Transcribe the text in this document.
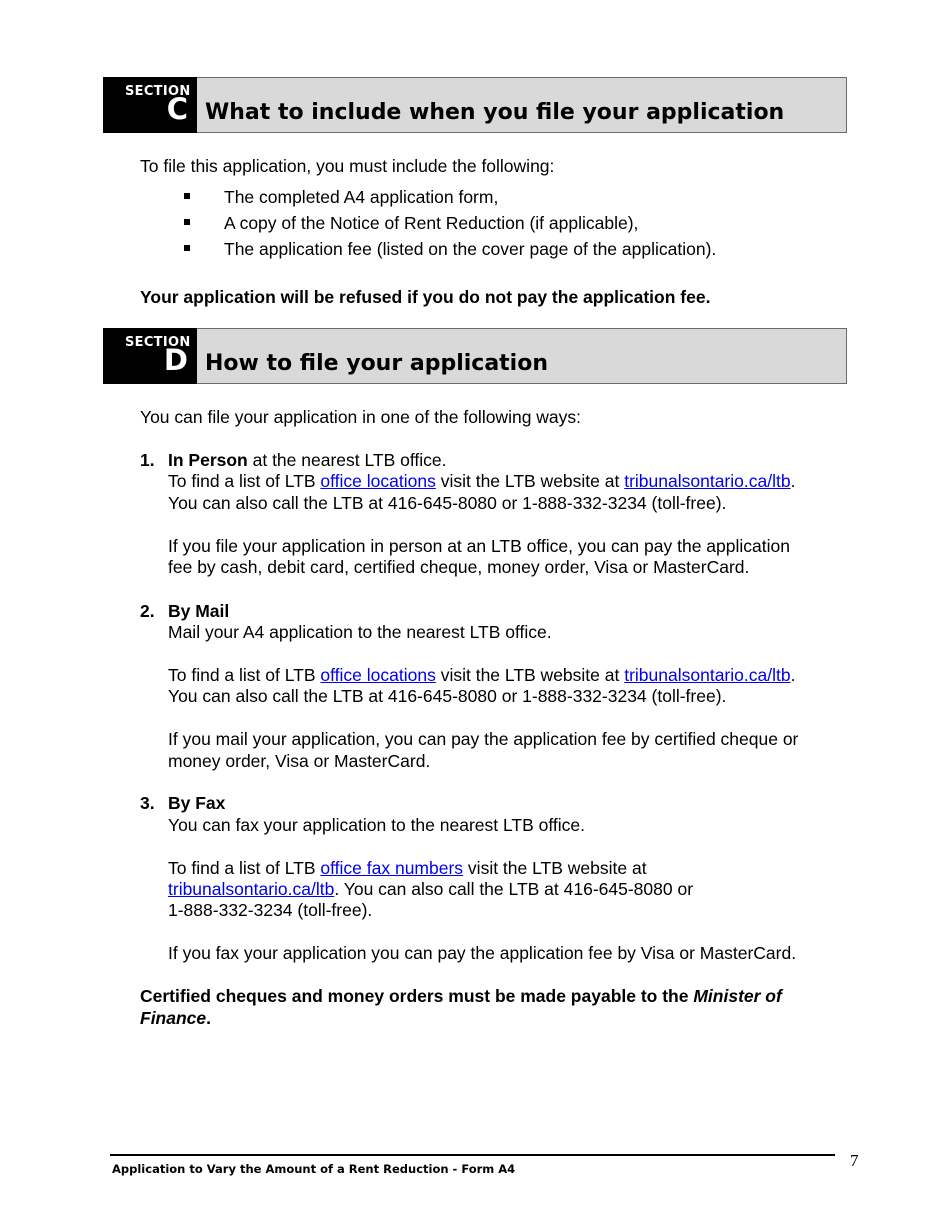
SECTION
C What to include when you file your application
To file this application, you must include the following:
The completed A4 application form,
A copy of the Notice of Rent Reduction (if applicable),
The application fee (listed on the cover page of the application).
Your application will be refused if you do not pay the application fee.
SECTION
D How to file your application
You can file your application in one of the following ways:
1. In Person at the nearest LTB office.
To find a list of LTB office locations visit the LTB website at tribunalsontario.ca/ltb.
You can also call the LTB at 416-645-8080 or 1-888-332-3234 (toll-free).
If you file your application in person at an LTB office, you can pay the application
fee by cash, debit card, certified cheque, money order, Visa or MasterCard.
2. By Mail
Mail your A4 application to the nearest LTB office.
To find a list of LTB office locations visit the LTB website at tribunalsontario.ca/ltb.
You can also call the LTB at 416-645-8080 or 1-888-332-3234 (toll-free).
If you mail your application, you can pay the application fee by certified cheque or
money order, Visa or MasterCard.
3. By Fax
You can fax your application to the nearest LTB office.
To find a list of LTB office fax numbers visit the LTB website at
tribunalsontario.ca/ltb. You can also call the LTB at 416-645-8080 or
1-888-332-3234 (toll-free).
If you fax your application you can pay the application fee by Visa or MasterCard.
Certified cheques and money orders must be made payable to the Minister of
Finance.
Application to Vary the Amount of a Rent Reduction - Form A4	7
